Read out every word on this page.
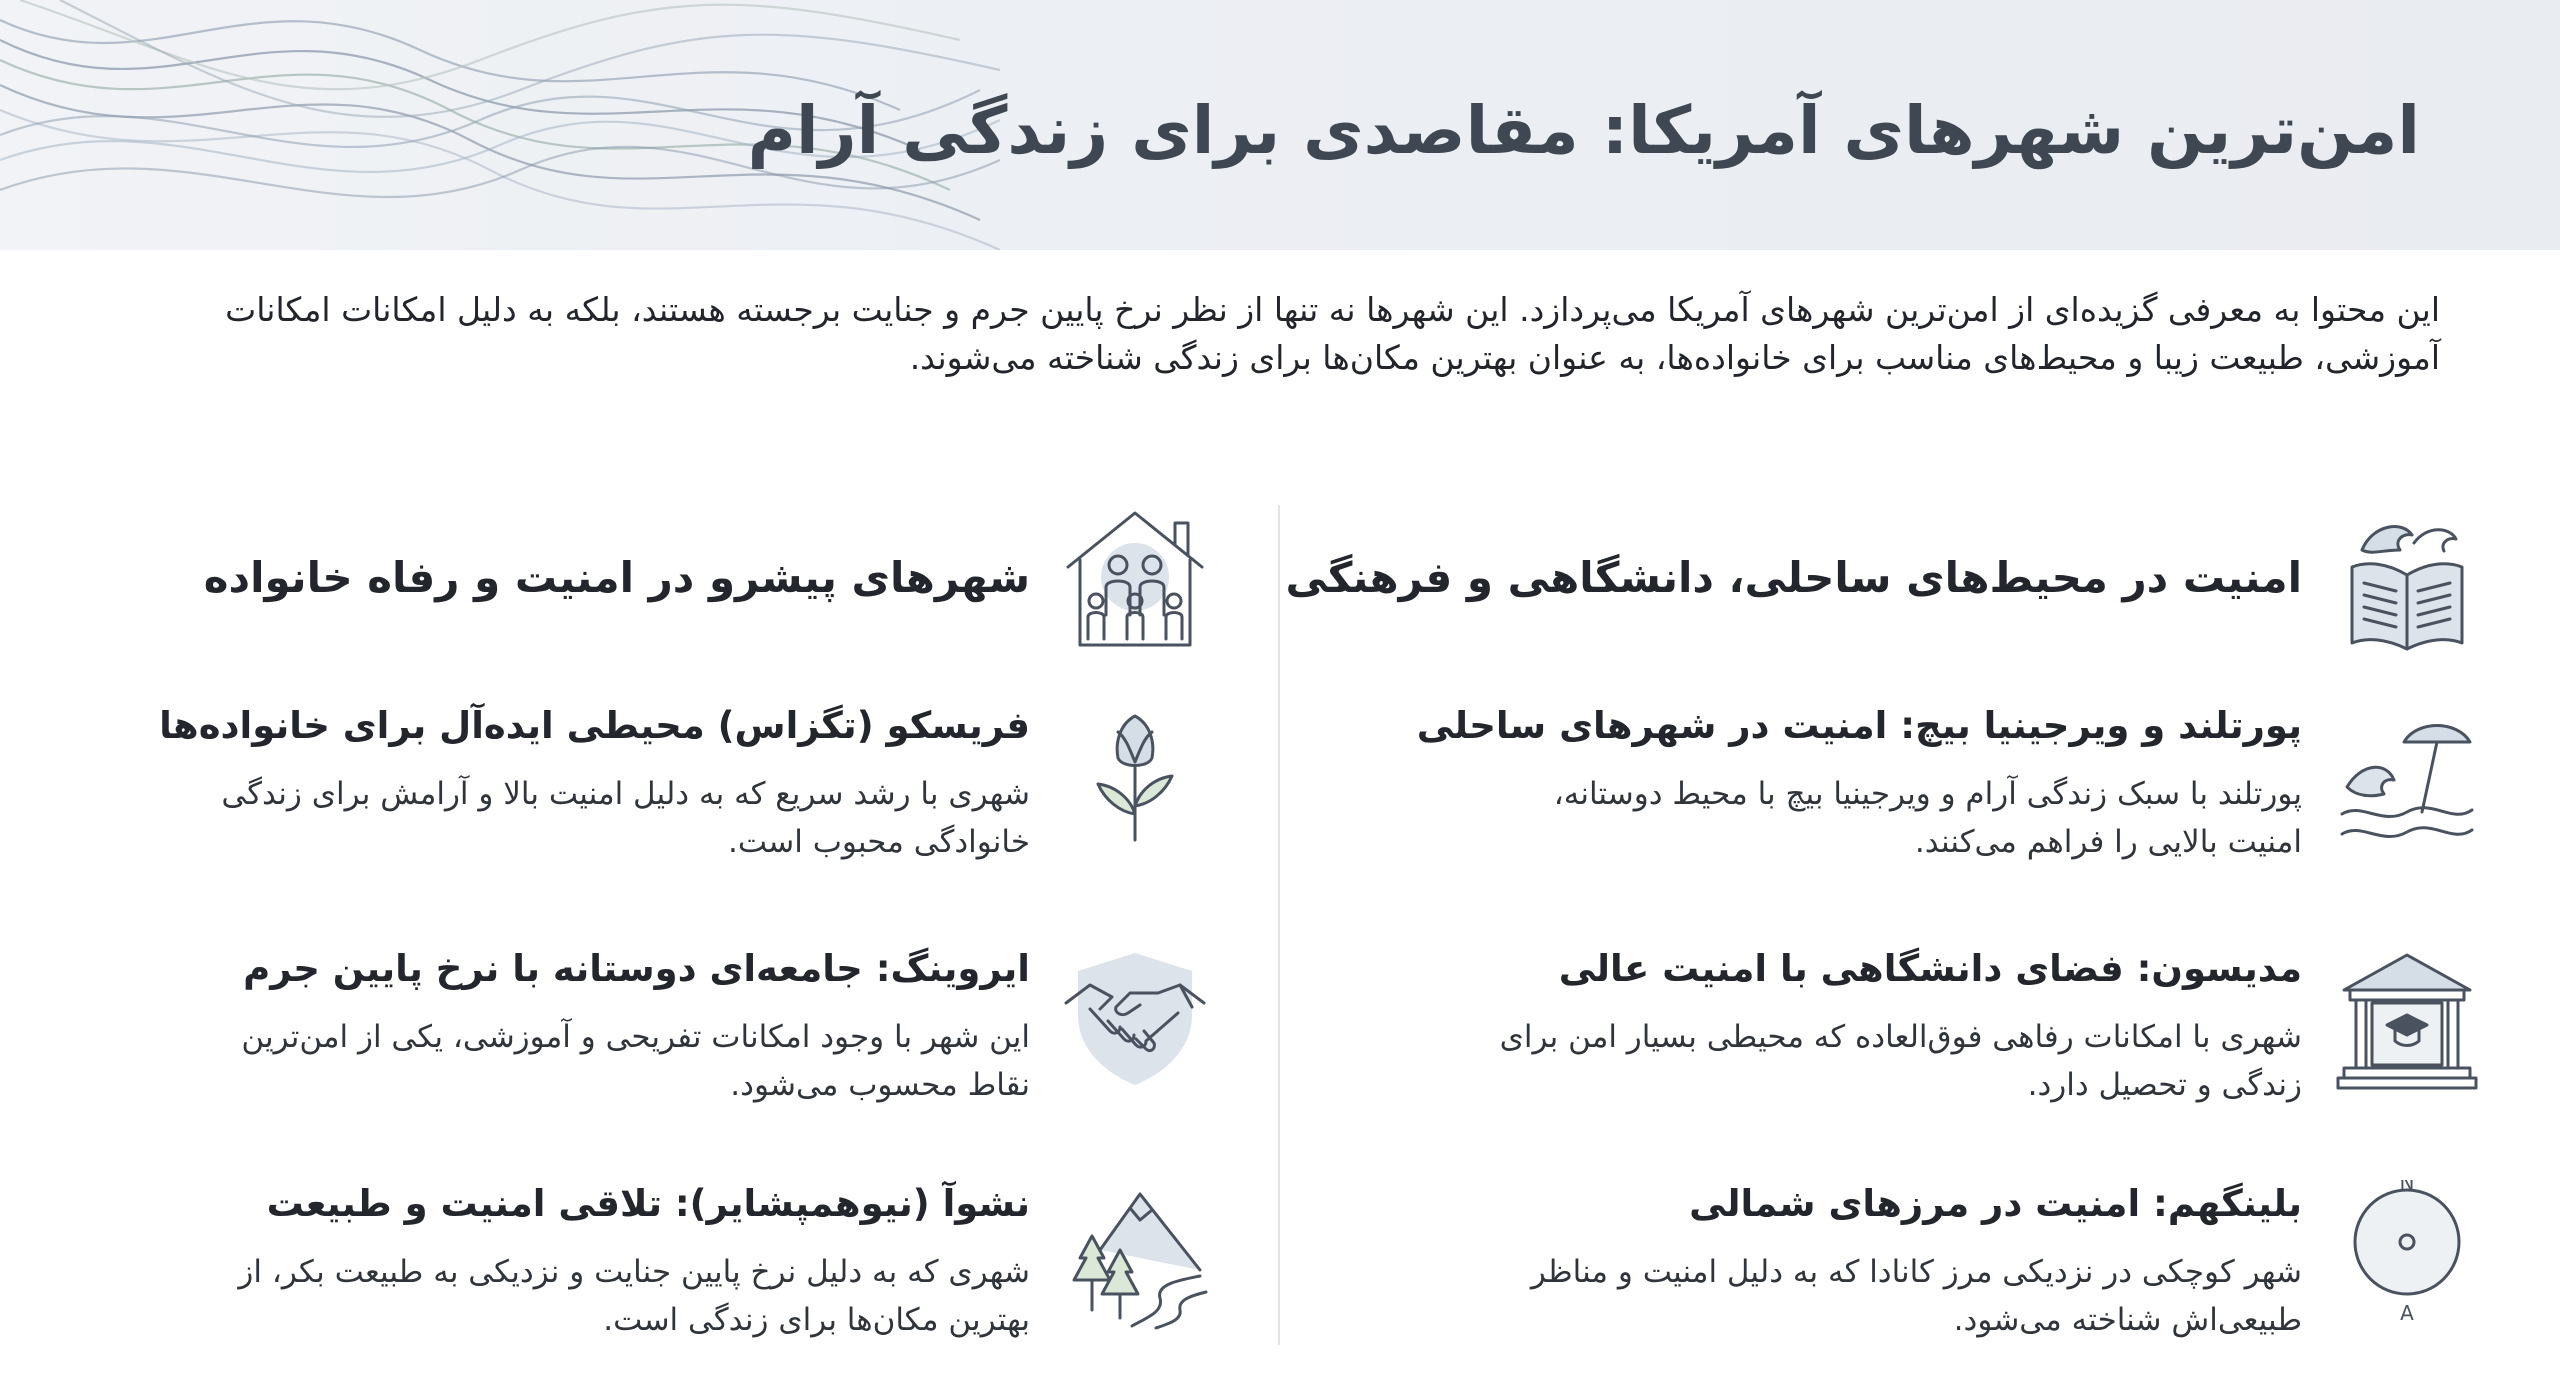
امن‌ترین شهرهای آمریکا: مقاصدی برای زندگی آرام

این محتوا به معرفی گزیده‌ای از امن‌ترین شهرهای آمریکا می‌پردازد. این شهرها نه تنها از نظر نرخ پایین جرم و جنایت برجسته هستند، بلکه به دلیل امکانات امکانات آموزشی، طبیعت زیبا و محیط‌های مناسب برای خانواده‌ها، به عنوان بهترین مکان‌ها برای زندگی شناخته می‌شوند.

امنیت در محیط‌های ساحلی، دانشگاهی و فرهنگی
پورتلند و ویرجینیا بیچ: امنیت در شهرهای ساحلی

پورتلند با سبک زندگی آرام و ویرجینیا بیچ با محیط دوستانه، امنیت بالایی را فراهم می‌کنند.

مدیسون: فضای دانشگاهی با امنیت عالی

شهری با امکانات رفاهی فوق‌العاده که محیطی بسیار امن برای زندگی و تحصیل دارد.

N
A
بلینگهم: امنیت در مرزهای شمالی

شهر کوچکی در نزدیکی مرز کانادا که به دلیل امنیت و مناظر طبیعی‌اش شناخته می‌شود.

شهرهای پیشرو در امنیت و رفاه خانواده
فریسکو (تگزاس) محیطی ایده‌آل برای خانواده‌ها

شهری با رشد سریع که به دلیل امنیت بالا و آرامش برای زندگی خانوادگی محبوب است.

ایروینگ: جامعه‌ای دوستانه با نرخ پایین جرم

این شهر با وجود امکانات تفریحی و آموزشی، یکی از امن‌ترین نقاط محسوب می‌شود.

نشوآ (نیوهمپشایر): تلاقی امنیت و طبیعت

شهری که به دلیل نرخ پایین جنایت و نزدیکی به طبیعت بکر، از بهترین مکان‌ها برای زندگی است.
